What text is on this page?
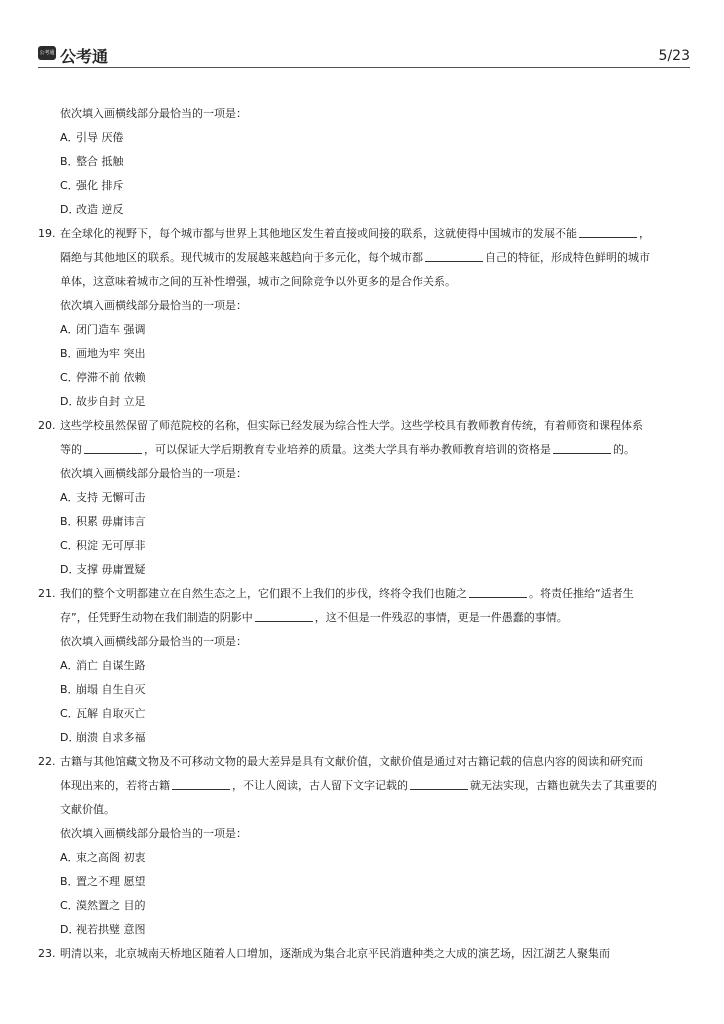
公考通 公考通	5/23
依次填入画横线部分最恰当的一项是：
A．引导 厌倦
B．整合 抵触
C．强化 排斥
D．改造 逆反
19. 在全球化的视野下，每个城市都与世界上其他地区发生着直接或间接的联系，这就使得中国城市的发展不能	，
隔绝与其他地区的联系。现代城市的发展越来越趋向于多元化，每个城市都	自己的特征，形成特色鲜明的城市
单体，这意味着城市之间的互补性增强，城市之间除竞争以外更多的是合作关系。
依次填入画横线部分最恰当的一项是：
A．闭门造车 强调
B．画地为牢 突出
C．停滞不前 依赖
D．故步自封 立足
20. 这些学校虽然保留了师范院校的名称，但实际已经发展为综合性大学。这些学校具有教师教育传统，有着师资和课程体系
等的	，可以保证大学后期教育专业培养的质量。这类大学具有举办教师教育培训的资格是	的。
依次填入画横线部分最恰当的一项是：
A．支持 无懈可击
B．积累 毋庸讳言
C．积淀 无可厚非
D．支撑 毋庸置疑
21. 我们的整个文明都建立在自然生态之上，它们跟不上我们的步伐，终将令我们也随之	。将责任推给“适者生
存”，任凭野生动物在我们制造的阴影中	，这不但是一件残忍的事情，更是一件愚蠢的事情。
依次填入画横线部分最恰当的一项是：
A．消亡 自谋生路
B．崩塌 自生自灭
C．瓦解 自取灭亡
D．崩溃 自求多福
22. 古籍与其他馆藏文物及不可移动文物的最大差异是具有文献价值，文献价值是通过对古籍记载的信息内容的阅读和研究而
体现出来的，若将古籍	，不让人阅读，古人留下文字记载的	就无法实现，古籍也就失去了其重要的
文献价值。
依次填入画横线部分最恰当的一项是：
A．束之高阁 初衷
B．置之不理 愿望
C．漠然置之 目的
D．视若拱璧 意图
23. 明清以来，北京城南天桥地区随着人口增加，逐渐成为集合北京平民消遣种类之大成的演艺场，因江湖艺人聚集而
